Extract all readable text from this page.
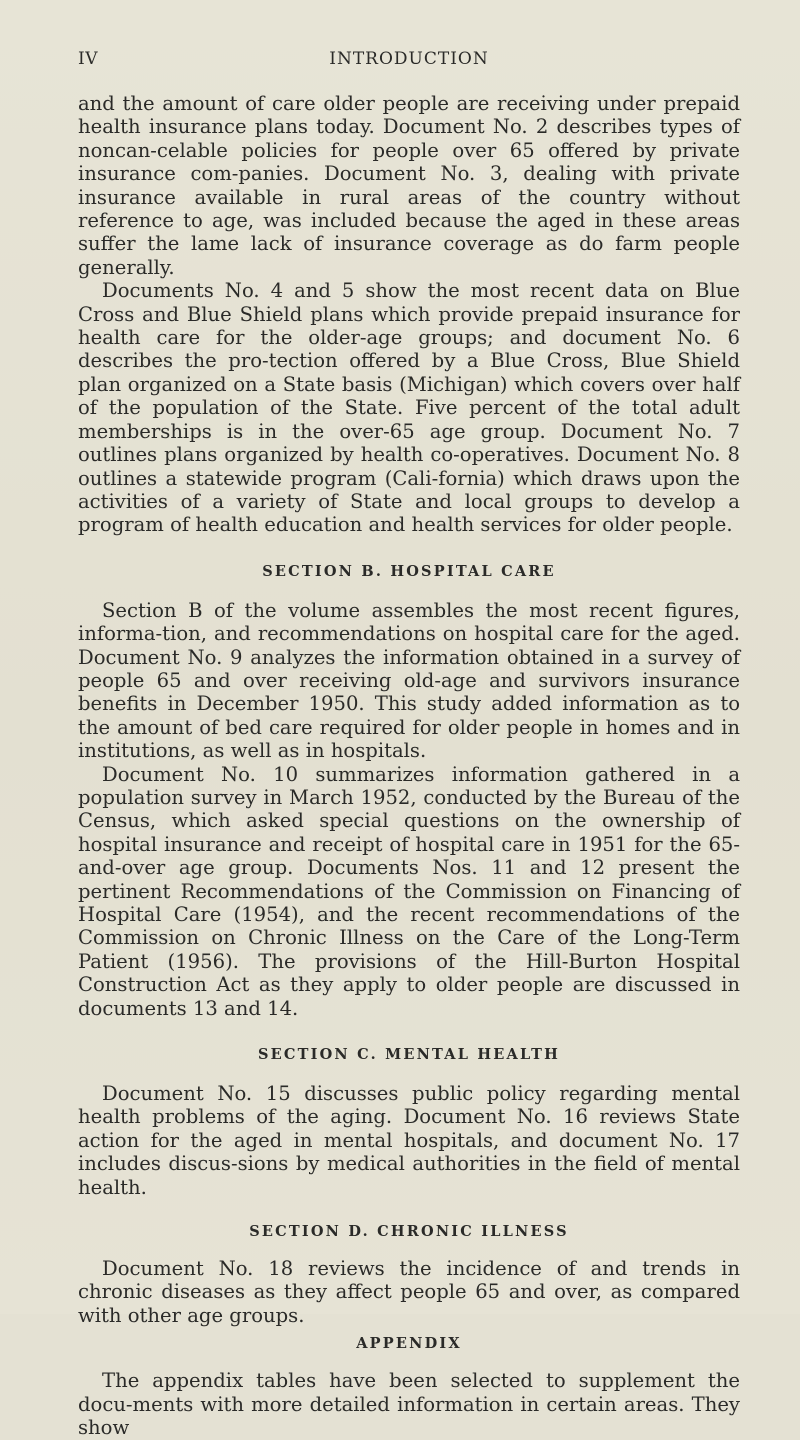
IV	INTRODUCTION

and the amount of care older people are receiving under prepaid health insurance plans today. Document No. 2 describes types of noncan-celable policies for people over 65 offered by private insurance com-panies. Document No. 3, dealing with private insurance available in rural areas of the country without reference to age, was included because the aged in these areas suffer the lame lack of insurance coverage as do farm people generally.

Documents No. 4 and 5 show the most recent data on Blue Cross and Blue Shield plans which provide prepaid insurance for health care for the older-age groups; and document No. 6 describes the pro-tection offered by a Blue Cross, Blue Shield plan organized on a State basis (Michigan) which covers over half of the population of the State. Five percent of the total adult memberships is in the over-65 age group. Document No. 7 outlines plans organized by health co-operatives. Document No. 8 outlines a statewide program (Cali-fornia) which draws upon the activities of a variety of State and local groups to develop a program of health education and health services for older people.

SECTION B. HOSPITAL CARE

Section B of the volume assembles the most recent figures, informa-tion, and recommendations on hospital care for the aged. Document No. 9 analyzes the information obtained in a survey of people 65 and over receiving old-age and survivors insurance benefits in December 1950. This study added information as to the amount of bed care required for older people in homes and in institutions, as well as in hospitals.

Document No. 10 summarizes information gathered in a population survey in March 1952, conducted by the Bureau of the Census, which asked special questions on the ownership of hospital insurance and receipt of hospital care in 1951 for the 65-and-over age group. Documents Nos. 11 and 12 present the pertinent Recommendations of the Commission on Financing of Hospital Care (1954), and the recent recommendations of the Commission on Chronic Illness on the Care of the Long-Term Patient (1956). The provisions of the Hill-Burton Hospital Construction Act as they apply to older people are discussed in documents 13 and 14.

SECTION C. MENTAL HEALTH

Document No. 15 discusses public policy regarding mental health problems of the aging. Document No. 16 reviews State action for the aged in mental hospitals, and document No. 17 includes discus-sions by medical authorities in the field of mental health.

SECTION D. CHRONIC ILLNESS

Document No. 18 reviews the incidence of and trends in chronic diseases as they affect people 65 and over, as compared with other age groups.

APPENDIX

The appendix tables have been selected to supplement the docu-ments with more detailed information in certain areas. They show
